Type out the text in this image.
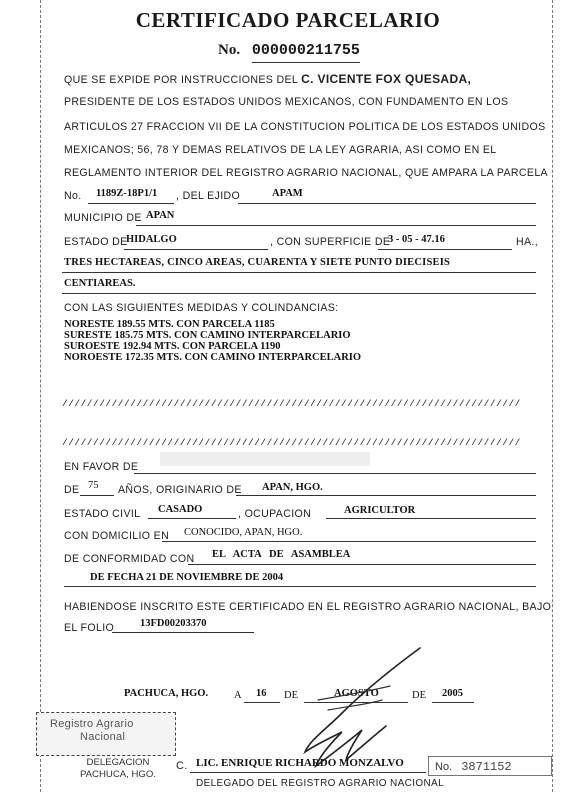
CERTIFICADO PARCELARIO
No. 000000211755
QUE SE EXPIDE POR INSTRUCCIONES DEL C. VICENTE FOX QUESADA,
PRESIDENTE DE LOS ESTADOS UNIDOS MEXICANOS, CON FUNDAMENTO EN LOS
ARTICULOS 27 FRACCION VII DE LA CONSTITUCION POLITICA DE LOS ESTADOS UNIDOS
MEXICANOS; 56, 78 Y DEMAS RELATIVOS DE LA LEY AGRARIA, ASI COMO EN EL
REGLAMENTO INTERIOR DEL REGISTRO AGRARIO NACIONAL, QUE AMPARA LA PARCELA
No. 1189Z-18P1/1 , DEL EJIDO	APAM
MUNICIPIO DE APAN
ESTADO DE
HIDALGO	, CON SUPERFICIE DE
3 - 05 - 47.16	HA.,
TRES HECTAREAS, CINCO AREAS, CUARENTA Y SIETE PUNTO DIECISEIS
CENTIAREAS.
CON LAS SIGUIENTES MEDIDAS Y COLINDANCIAS:
NORESTE 189.55 MTS. CON PARCELA 1185
SURESTE 185.75 MTS. CON CAMINO INTERPARCELARIO
SUROESTE 192.94 MTS. CON PARCELA 1190
NOROESTE 172.35 MTS. CON CAMINO INTERPARCELARIO

//////////////////////////////////////////////////////////////////////////

//////////////////////////////////////////////////////////////////////////

EN FAVOR DE
DE 75 AÑOS, ORIGINARIO DE APAN, HGO.
ESTADO CIVIL CASADO	, OCUPACION	AGRICULTOR
CON DOMICILIO EN CONOCIDO, APAN, HGO.
DE CONFORMIDAD CON EL   ACTA   DE   ASAMBLEA
DE FECHA 21 DE NOVIEMBRE DE 2004
HABIENDOSE INSCRITO ESTE CERTIFICADO EN EL REGISTRO AGRARIO NACIONAL, BAJO
EL FOLIO 13FD00203370
PACHUCA, HGO. A 16 DE	AGOSTO	DE 2005
Registro Agrario
Nacional
DELEGACION
PACHUCA, HGO.
C. LIC. ENRIQUE RICHARDO MONZALVO
DELEGADO DEL REGISTRO AGRARIO NACIONAL
No. 3871152
